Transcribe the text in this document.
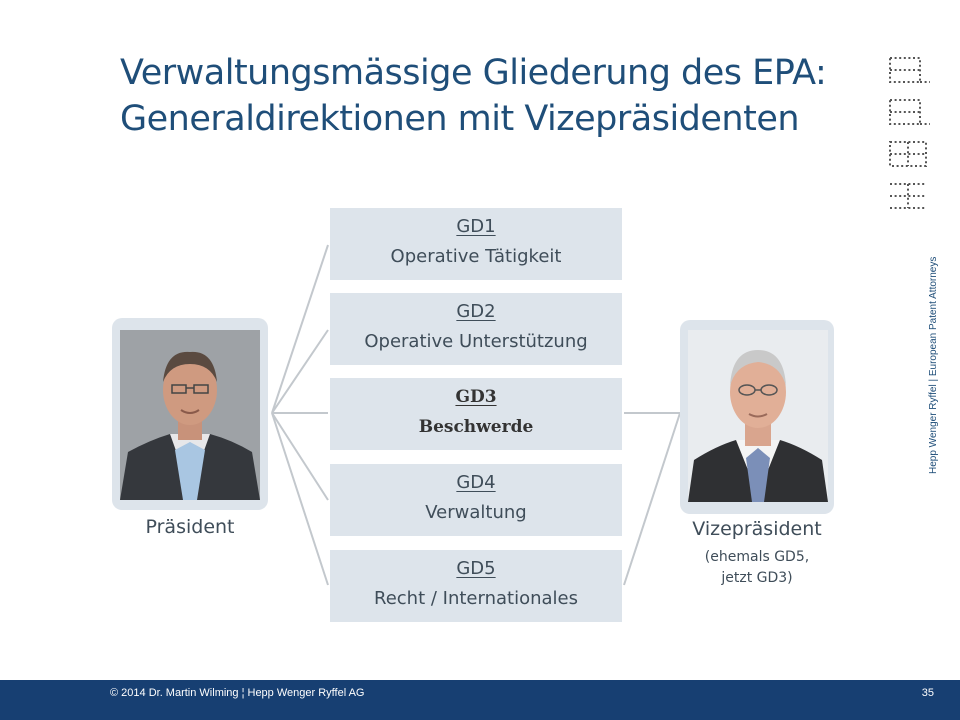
Verwaltungsmässige Gliederung des EPA:
Generaldirektionen mit Vizepräsidenten
GD1
Operative Tätigkeit
GD2
Operative Unterstützung
GD3
Beschwerde
GD4
Verwaltung
GD5
Recht / Internationales
Präsident	Vizepräsident
(ehemals GD5,
jetzt GD3)
Hepp Wenger Ryffel | European Patent Attorneys
© 2014 Dr. Martin Wilming ¦ Hepp Wenger Ryffel AG	35
